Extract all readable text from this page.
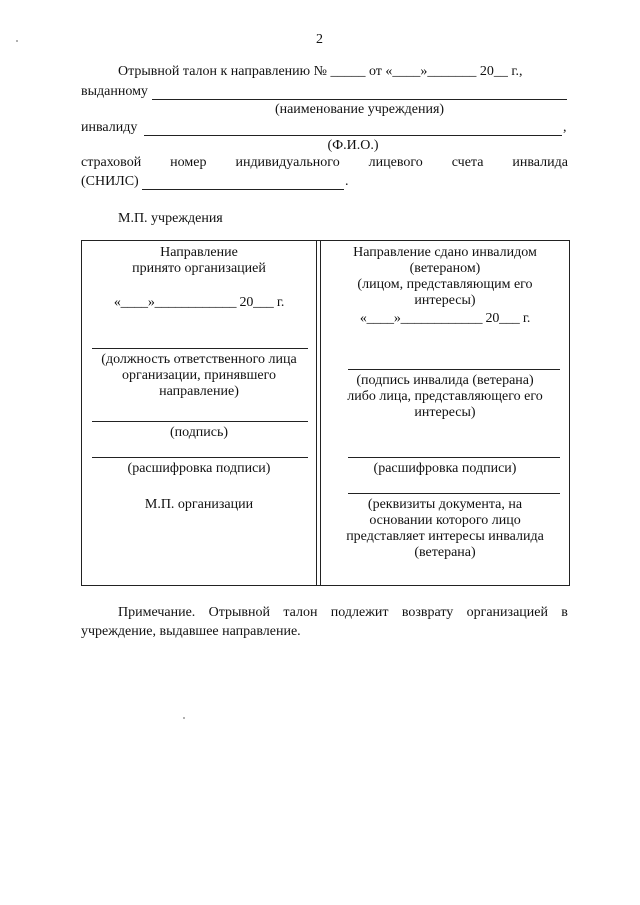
2
Отрывной талон к направлению № _____ от «____»_______ 20__ г.,
выданному
(наименование учреждения)
инвалиду	,
(Ф.И.О.)
страховой номер индивидуального лицевого счета инвалида
(СНИЛС)	.
М.П. учреждения
Направление
принято организацией
«____»____________ 20___ г.
(должность ответственного лица
организации, принявшего
направление)
(подпись)
(расшифровка подписи)
М.П. организации
Направление сдано инвалидом
(ветераном)
(лицом, представляющим его
интересы)
«____»____________ 20___ г.
(подпись инвалида (ветерана)
либо лица, представляющего его
интересы)
(расшифровка подписи)
(реквизиты документа, на
основании которого лицо
представляет интересы инвалида
(ветерана)
Примечание. Отрывной талон подлежит возврату организацией в
учреждение, выдавшее направление.
